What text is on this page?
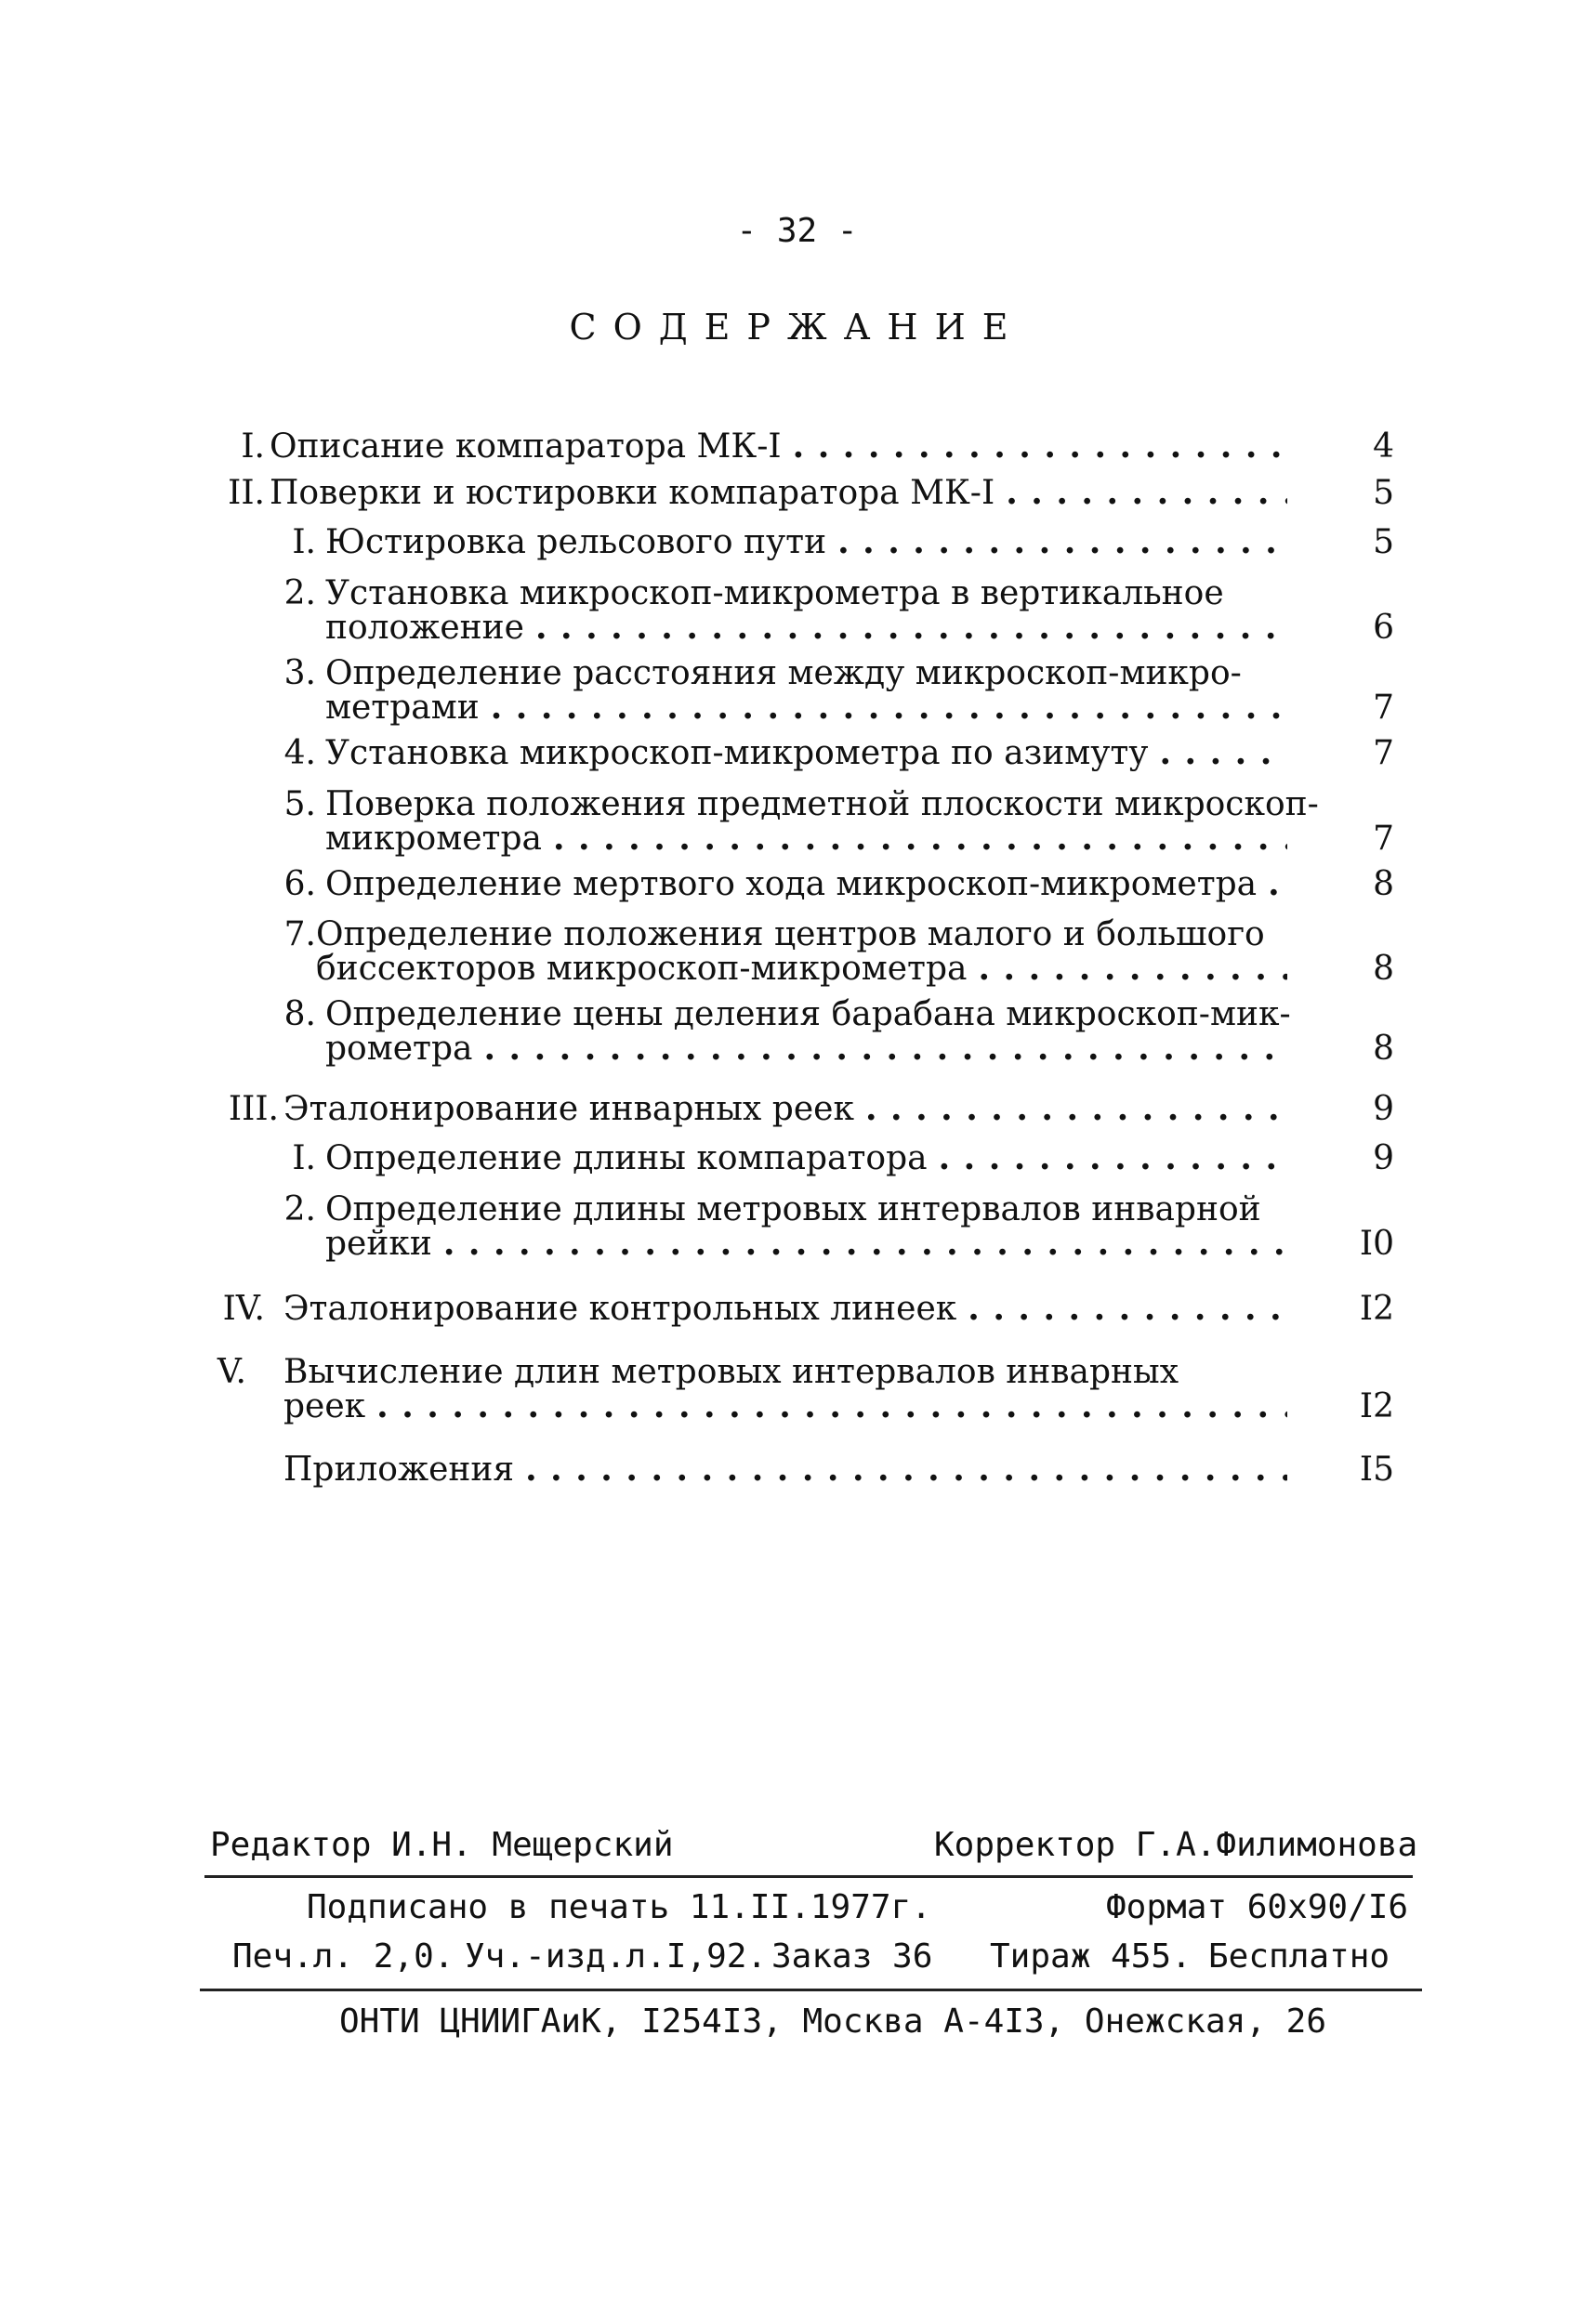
- 32 -
СОДЕРЖАНИЕ
I. Описание компаратора МК-I . . .	4
II. Поверки и юстировки компаратора МК-I . . .	5
I. Юстировка рельсового пути . . .	5
2. Установка микроскоп-микрометра в вертикальное
положение . . .	6
3. Определение расстояния между микроскоп-микро-
метрами . . .	7
4. Установка микроскоп-микрометра по азимуту . . .	7
5. Поверка положения предметной плоскости микроскоп-
микрометра . . .	7
6. Определение мертвого хода микроскоп-микрометра . . .	8
7. Определение положения центров малого и большого
биссекторов микроскоп-микрометра . . .	8
8. Определение цены деления барабана микроскоп-мик-
рометра . . .	8
III. Эталонирование инварных реек . . .	9
I. Определение длины компаратора . . .	9
2. Определение длины метровых интервалов инварной
рейки . . .	I0
IV. Эталонирование контрольных линеек . . .	I2
V. Вычисление длин метровых интервалов инварных
реек . . .	I2
Приложения . . .	I5
Редактор И.Н. Мещерский	Корректор Г.А.Филимонова
Подписано в печать 11.II.1977г.	Формат 60х90/I6
Печ.л. 2,0. Уч.-изд.л.I,92. Заказ 36 Тираж 455. Бесплатно
ОНТИ ЦНИИГАиК, I254I3, Москва А-4I3, Онежская, 26
